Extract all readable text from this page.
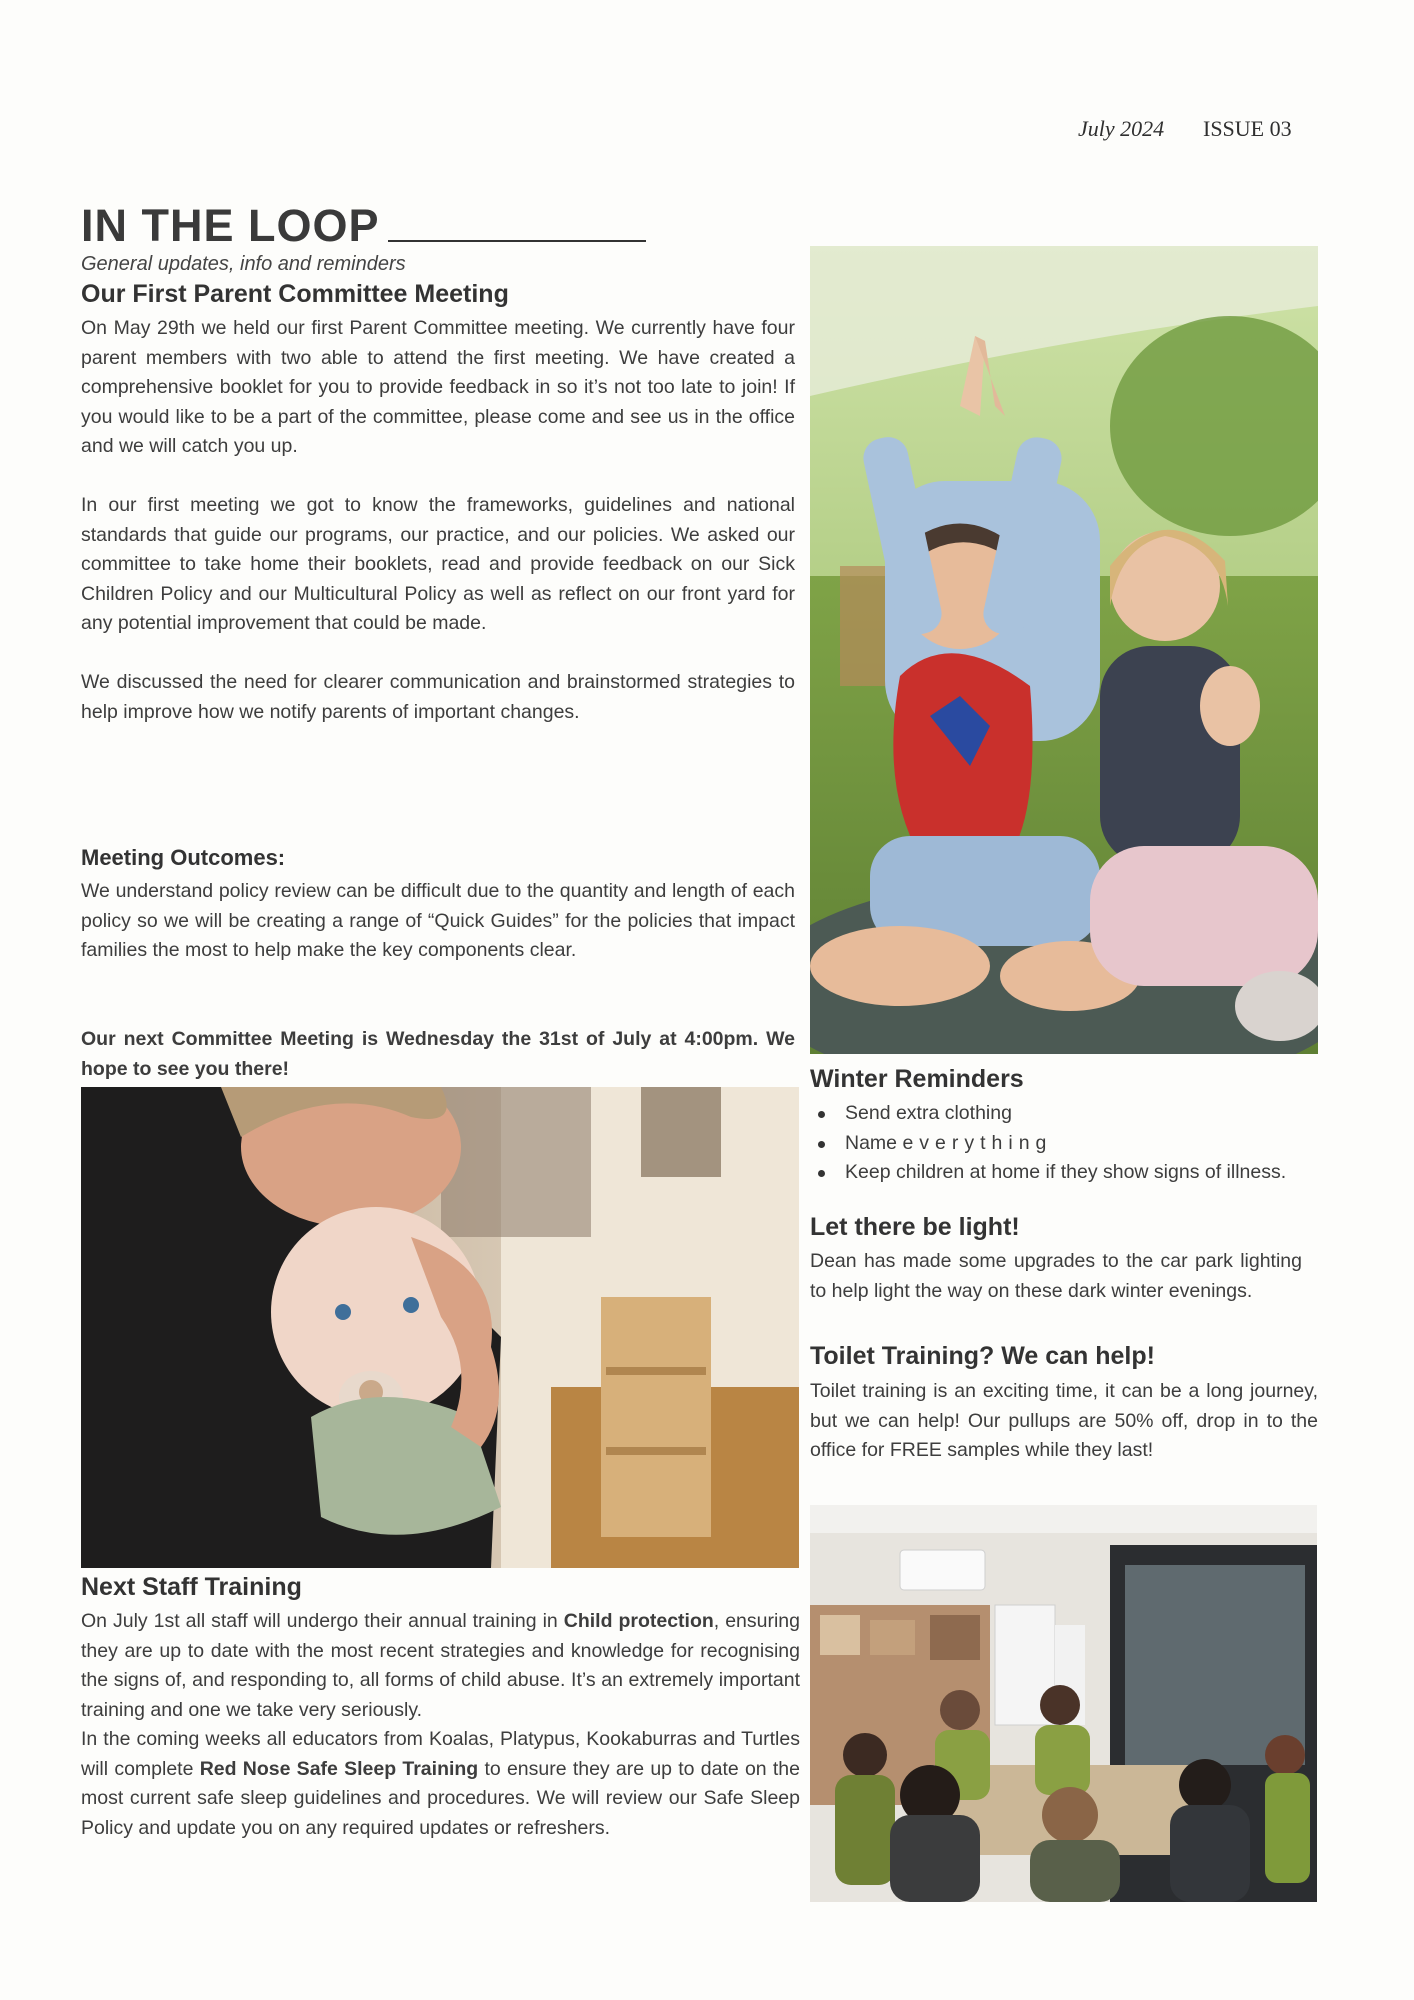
July 2024 ISSUE 03
IN THE LOOP
General updates, info and reminders
Our First Parent Committee Meeting

On May 29th we held our first Parent Committee meeting. We currently have four parent members with two able to attend the first meeting. We have created a comprehensive booklet for you to provide feedback in so it’s not too late to join! If you would like to be a part of the committee, please come and see us in the office and we will catch you up.

In our first meeting we got to know the frameworks, guidelines and national standards that guide our programs, our practice, and our policies. We asked our committee to take home their booklets, read and provide feedback on our Sick Children Policy and our Multicultural Policy as well as reflect on our front yard for any potential improvement that could be made.

We discussed the need for clearer communication and brainstormed strategies to help improve how we notify parents of important changes.

Meeting Outcomes:

We understand policy review can be difficult due to the quantity and length of each policy so we will be creating a range of “Quick Guides” for the policies that impact families the most to help make the key components clear.

Our next Committee Meeting is Wednesday the 31st of July at 4:00pm. We hope to see you there!

Next Staff Training

On July 1st all staff will undergo their annual training in Child protection, ensuring they are up to date with the most recent strategies and knowledge for recognising the signs of, and responding to, all forms of child abuse. It’s an extremely important training and one we take very seriously.

In the coming weeks all educators from Koalas, Platypus, Kookaburras and Turtles will complete Red Nose Safe Sleep Training to ensure they are up to date on the most current safe sleep guidelines and procedures. We will review our Safe Sleep Policy and update you on any required updates or refreshers.

Winter Reminders
Send extra clothing
Name everything
Keep children at home if they show signs of illness.
Let there be light!

Dean has made some upgrades to the car park lighting to help light the way on these dark winter evenings.

Toilet Training? We can help!

Toilet training is an exciting time, it can be a long journey, but we can help! Our pullups are 50% off, drop in to the office for FREE samples while they last!
